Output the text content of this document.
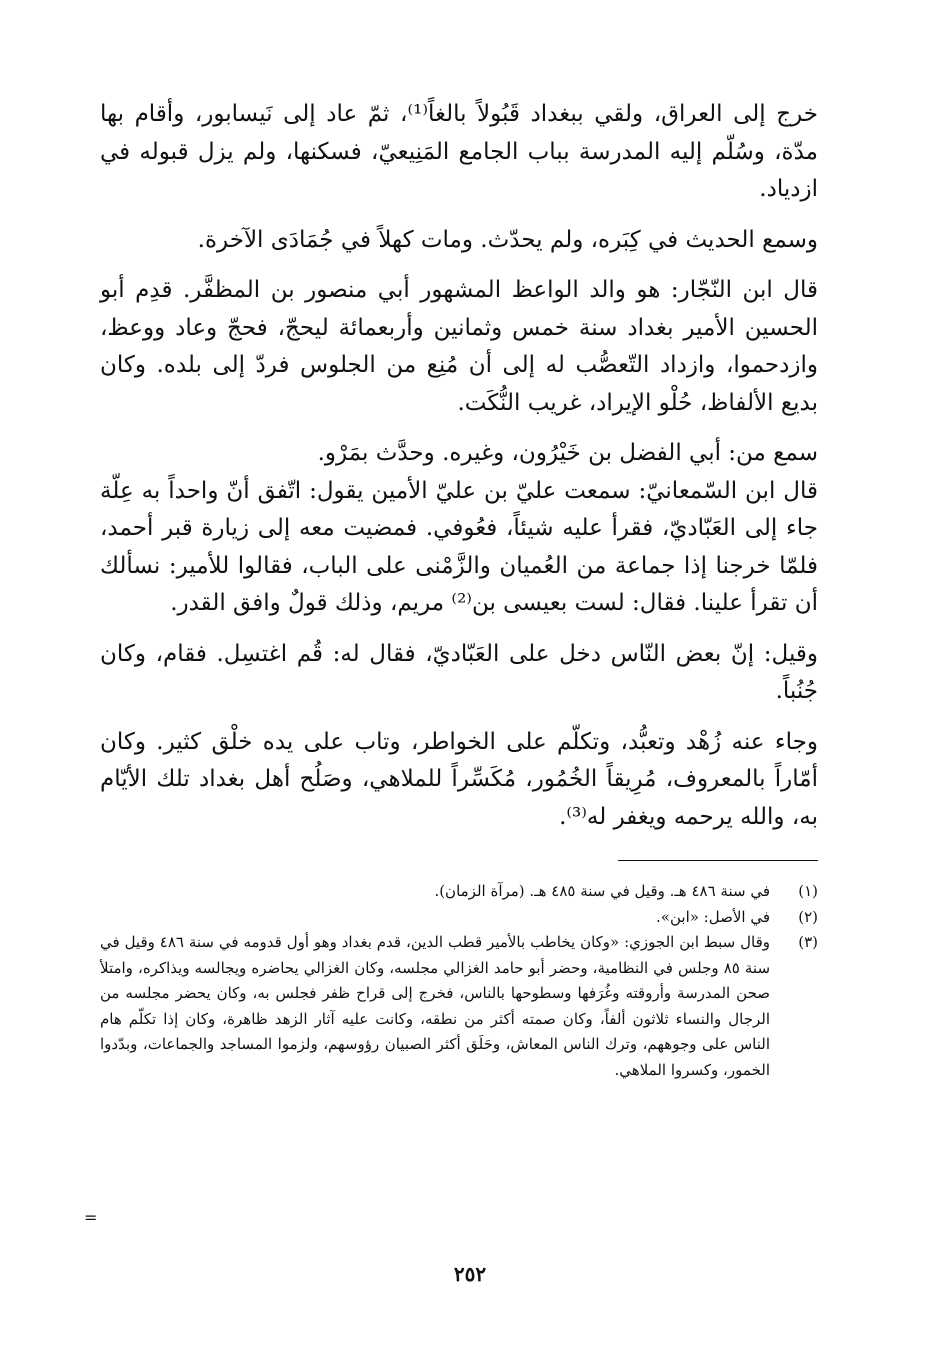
خرج إلى العراق، ولقي ببغداد قَبُولاً بالغاً⁽¹⁾، ثمّ عاد إلى نَيسابور، وأقام بها مدّة، وسُلّم إليه المدرسة بباب الجامع المَنِيعيّ، فسكنها، ولم يزل قبوله في ازدياد.

وسمع الحديث في كِبَره، ولم يحدّث. ومات كهلاً في جُمَادَى الآخرة.

قال ابن النّجّار: هو والد الواعظ المشهور أبي منصور بن المظفَّر. قدِم أبو الحسين الأمير بغداد سنة خمس وثمانين وأربعمائة ليحجّ، فحجّ وعاد ووعظ، وازدحموا، وازداد التّعصُّب له إلى أن مُنِع من الجلوس فردّ إلى بلده. وكان بديع الألفاظ، حُلْو الإيراد، غريب النُّكَت.

سمع من: أبي الفضل بن خَيْرُون، وغيره. وحدَّث بمَرْو.

قال ابن السّمعانيّ: سمعت عليّ بن عليّ الأمين يقول: اتّفق أنّ واحداً به عِلّة جاء إلى العَبّاديّ، فقرأ عليه شيئاً، فعُوفي. فمضيت معه إلى زيارة قبر أحمد، فلمّا خرجنا إذا جماعة من العُميان والزَّمْنى على الباب، فقالوا للأمير: نسألك أن تقرأ علينا. فقال: لست بعيسى بن⁽²⁾ مريم، وذلك قولٌ وافق القدر.

وقيل: إنّ بعض النّاس دخل على العَبّاديّ، فقال له: قُم اغتسِل. فقام، وكان جُنُباً.

وجاء عنه زُهْد وتعبُّد، وتكلّم على الخواطر، وتاب على يده خلْق كثير. وكان أمّاراً بالمعروف، مُرِيقاً الخُمُور، مُكَسِّراً للملاهي، وصَلُح أهل بغداد تلك الأيّام به، والله يرحمه ويغفر له⁽³⁾.

(١)
في سنة ٤٨٦ هـ. وقيل في سنة ٤٨٥ هـ. (مرآة الزمان).
(٢)
في الأصل: «ابن».
(٣)
وقال سبط ابن الجوزي: «وكان يخاطب بالأمير قطب الدين، قدم بغداد وهو أول قدومه في سنة ٤٨٦ وقيل في سنة ٨٥ وجلس في النظامية، وحضر أبو حامد الغزالي مجلسه، وكان الغزالي يحاضره ويجالسه ويذاكره، وامتلأ صحن المدرسة وأروقته وغُرَفها وسطوحها بالناس، فخرج إلى قراح ظفر فجلس به، وكان يحضر مجلسه من الرجال والنساء ثلاثون ألفاً، وكان صمته أكثر من نطقه، وكانت عليه آثار الزهد ظاهرة، وكان إذا تكلّم هام الناس على وجوههم، وترك الناس المعاش، وحَلَق أكثر الصبيان رؤوسهم، ولزموا المساجد والجماعات، وبدّدوا الخمور، وكسروا الملاهي.
=
٢٥٢
